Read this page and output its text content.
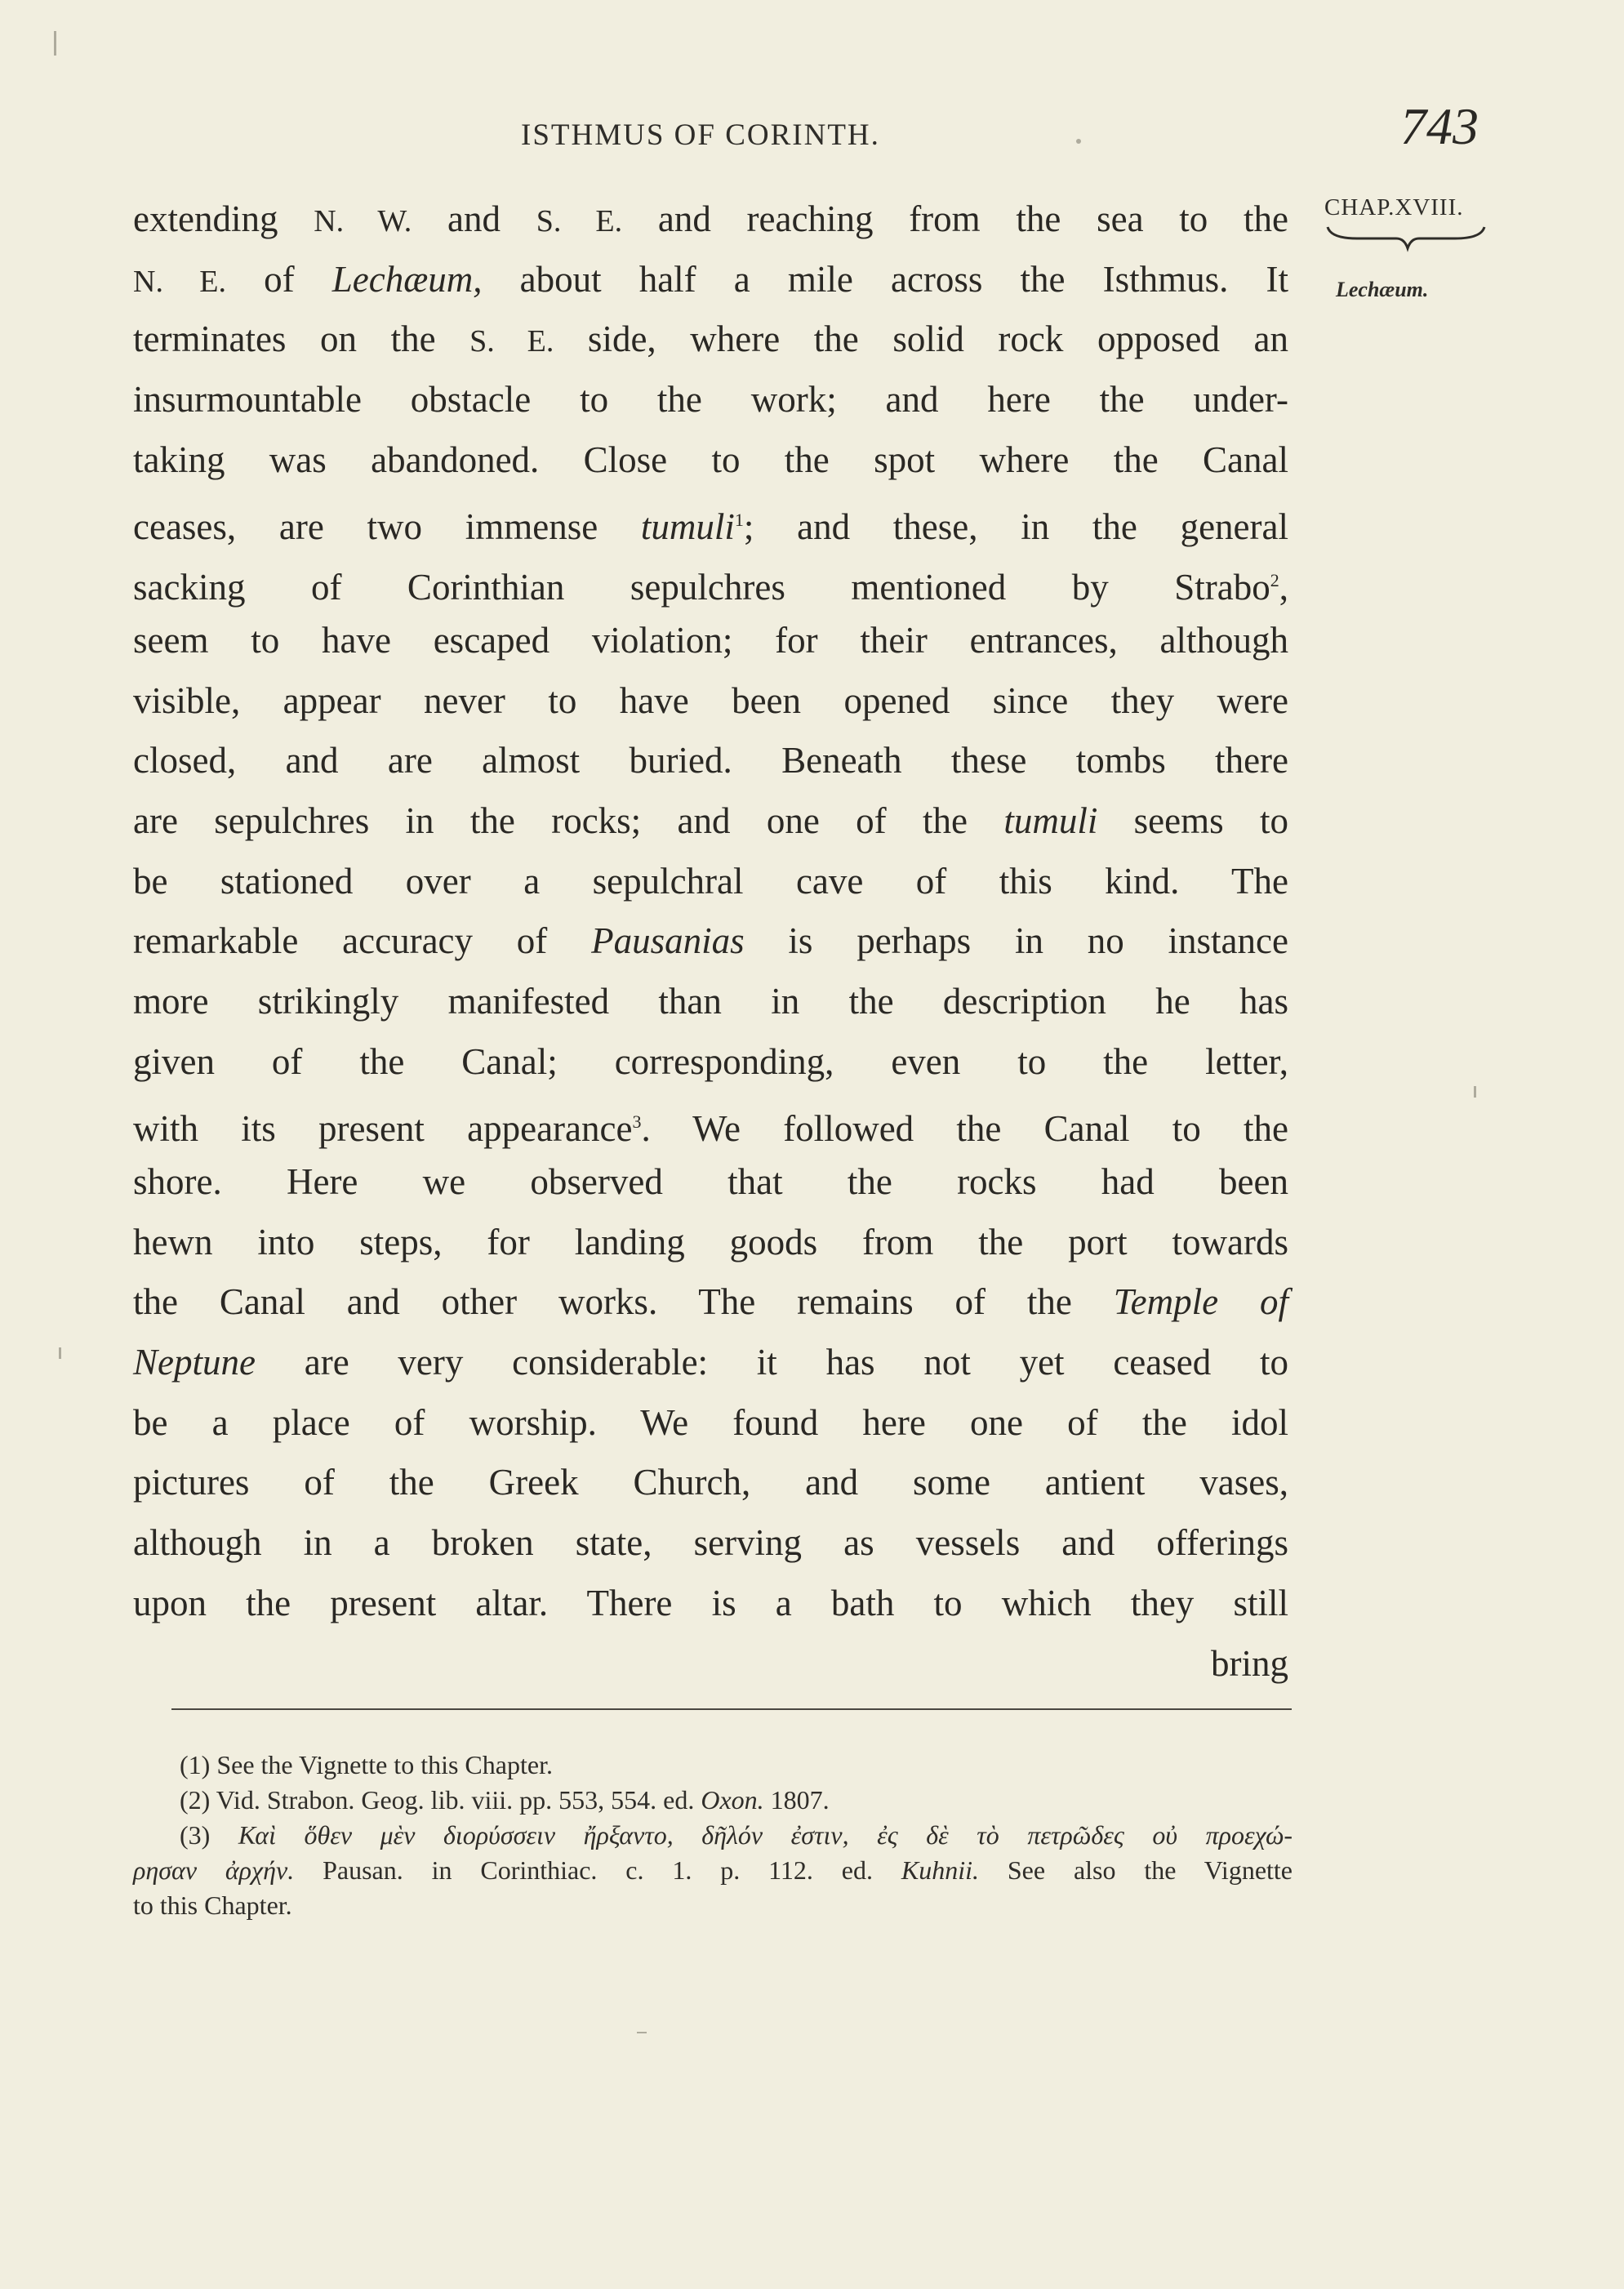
ISTHMUS OF CORINTH.	743
CHAP.XVIII.
Lechæum.
extending N. W. and S. E. and reaching from the sea to the
N. E. of Lechæum, about half a mile across the Isthmus. It
terminates on the S. E. side, where the solid rock opposed an
insurmountable obstacle to the work; and here the under-
taking was abandoned. Close to the spot where the Canal
ceases, are two immense tumuli$^1$; and these, in the general
sacking of Corinthian sepulchres mentioned by Strabo$^2$,
seem to have escaped violation; for their entrances, although
visible, appear never to have been opened since they were
closed, and are almost buried. Beneath these tombs there
are sepulchres in the rocks; and one of the tumuli seems to
be stationed over a sepulchral cave of this kind. The
remarkable accuracy of Pausanias is perhaps in no instance
more strikingly manifested than in the description he has
given of the Canal; corresponding, even to the letter,
with its present appearance$^3$. We followed the Canal to the
shore. Here we observed that the rocks had been
hewn into steps, for landing goods from the port towards
the Canal and other works. The remains of the Temple of
Neptune are very considerable: it has not yet ceased to
be a place of worship. We found here one of the idol
pictures of the Greek Church, and some antient vases,
although in a broken state, serving as vessels and offerings
upon the present altar. There is a bath to which they still
bring
(1) See the Vignette to this Chapter.
(2) Vid. Strabon. Geog. lib. viii. pp. 553, 554. ed. Oxon. 1807.
(3) Καὶ ὅθεν μὲν διορύσσειν ἤρξαντο, δῆλόν ἐστιν, ἐς δὲ τὸ πετρῶδες οὐ προεχώ-
ρησαν ἀρχήν. Pausan. in Corinthiac. c. 1. p. 112. ed. Kuhnii. See also the Vignette
to this Chapter.
